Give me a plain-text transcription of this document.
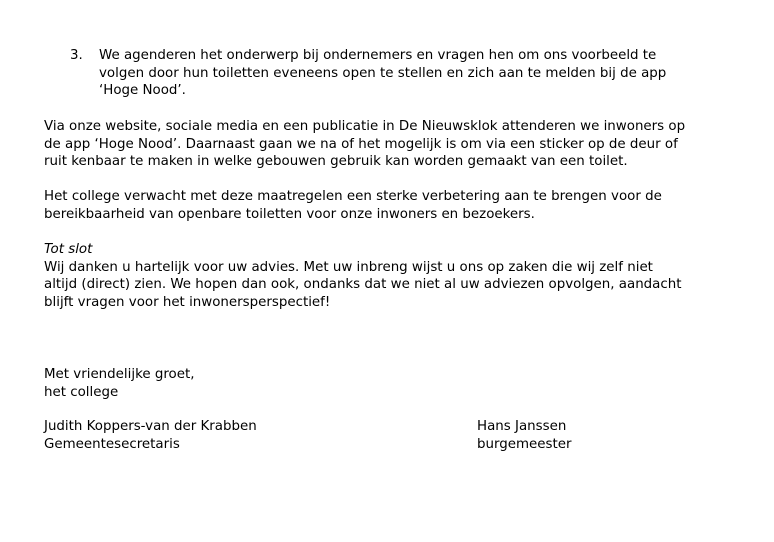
3. We agenderen het onderwerp bij ondernemers en vragen hen om ons voorbeeld te
volgen door hun toiletten eveneens open te stellen en zich aan te melden bij de app
‘Hoge Nood’.
Via onze website, sociale media en een publicatie in De Nieuwsklok attenderen we inwoners op
de app ‘Hoge Nood’. Daarnaast gaan we na of het mogelijk is om via een sticker op de deur of
ruit kenbaar te maken in welke gebouwen gebruik kan worden gemaakt van een toilet.
Het college verwacht met deze maatregelen een sterke verbetering aan te brengen voor de
bereikbaarheid van openbare toiletten voor onze inwoners en bezoekers.
Tot slot
Wij danken u hartelijk voor uw advies. Met uw inbreng wijst u ons op zaken die wij zelf niet
altijd (direct) zien. We hopen dan ook, ondanks dat we niet al uw adviezen opvolgen, aandacht
blijft vragen voor het inwonersperspectief!
Met vriendelijke groet,
het college
Judith Koppers-van der Krabben
Gemeentesecretaris
Hans Janssen
burgemeester
